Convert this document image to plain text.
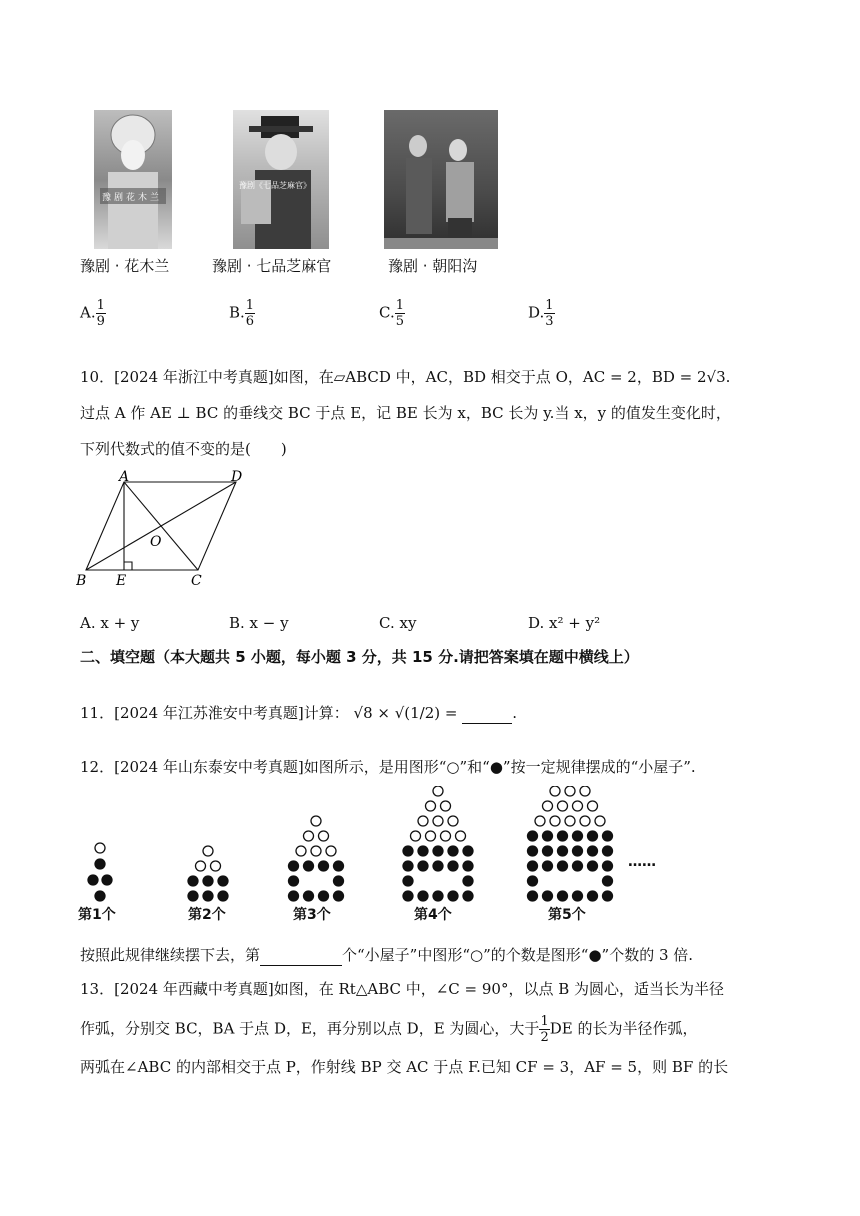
豫剧花木兰
豫剧《七品芝麻官》
豫剧 · 花木兰	豫剧 · 七品芝麻官	豫剧 · 朝阳沟
A. $\frac{1}{9}$	B. $\frac{1}{6}$	C. $\frac{1}{5}$	D. $\frac{1}{3}$
10．[2024 年浙江中考真题]如图，在▱ABCD 中，AC，BD 相交于点 O，AC = 2，BD = 2√3.
过点 A 作 AE ⊥ BC 的垂线交 BC 于点 E，记 BE 长为 x，BC 长为 y.当 x，y 的值发生变化时，
下列代数式的值不变的是(　　)
A	D
O
B E	C
A. x + y	B. x − y	C. xy	D. x² + y²
二、填空题（本大题共 5 小题，每小题 3 分，共 15 分.请把答案填在题中横线上）
11．[2024 年江苏淮安中考真题]计算： √8 × √(1/2) =	.
12．[2024 年山东泰安中考真题]如图所示，是用图形“○”和“●”按一定规律摆成的“小屋子”.
第1个	第2个	第3个	第4个	第5个
……
按照此规律继续摆下去，第	个“小屋子”中图形“○”的个数是图形“●”个数的 3 倍.
13．[2024 年西藏中考真题]如图，在 Rt△ABC 中，∠C = 90°，以点 B 为圆心，适当长为半径
作弧，分别交 BC，BA 于点 D，E，再分别以点 D，E 为圆心，大于 $\frac{1}{2}$ DE 的长为半径作弧，
两弧在∠ABC 的内部相交于点 P，作射线 BP 交 AC 于点 F.已知 CF = 3，AF = 5，则 BF 的长
